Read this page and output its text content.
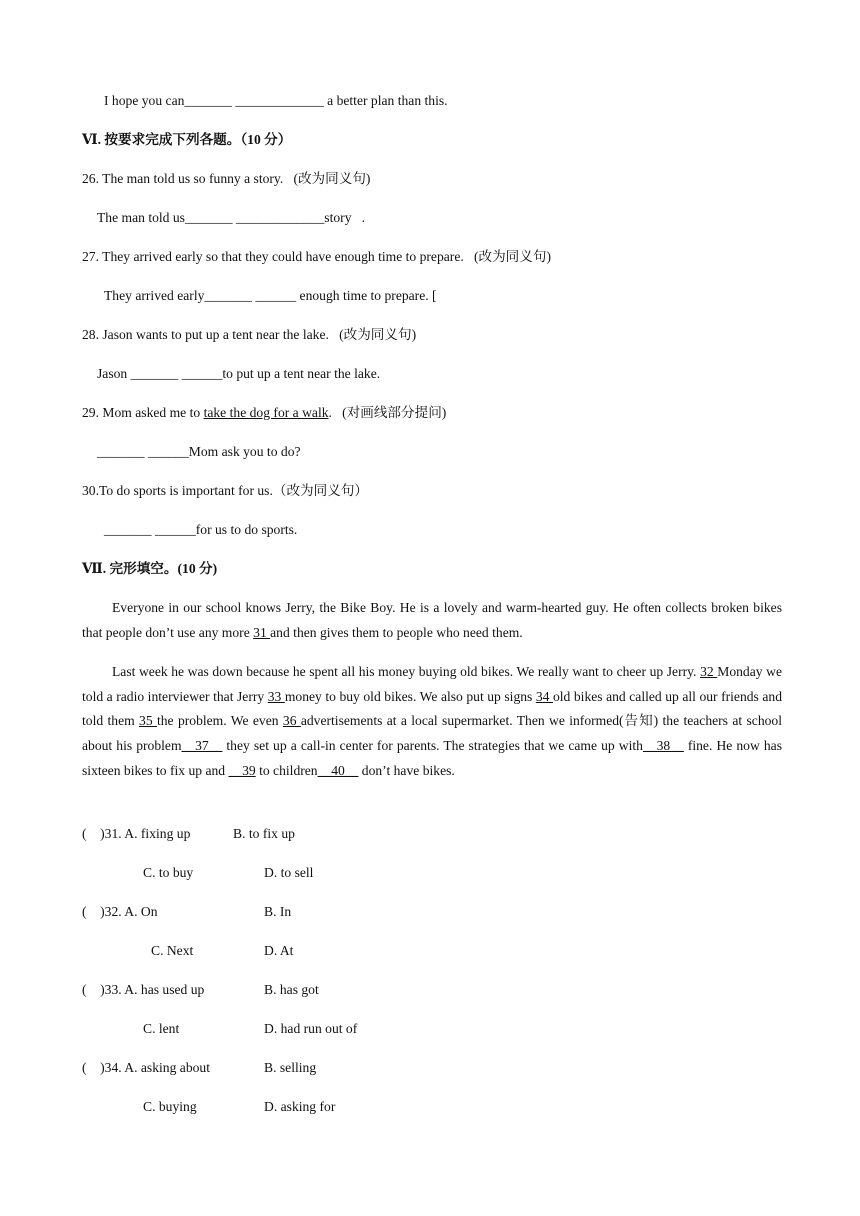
I hope you can_______ _____________ a better plan than this.
Ⅵ. 按要求完成下列各题。（10 分）
26. The man told us so funny a story.   (改为同义句)
The man told us_______ _____________story   .
27. They arrived early so that they could have enough time to prepare.   (改为同义句)
They arrived early_______ ______ enough time to prepare. [
28. Jason wants to put up a tent near the lake.   (改为同义句)
Jason _______ ______to put up a tent near the lake.
29. Mom asked me to take the dog for a walk.   (对画线部分提问)
_______ ______Mom ask you to do?
30.To do sports is important for us.（改为同义句）
_______ ______for us to do sports.
Ⅶ. 完形填空。(10 分)
Everyone in our school knows Jerry, the Bike Boy. He is a lovely and warm-hearted guy. He often collects broken bikes that people don’t use any more 31 and then gives them to people who need them.
Last week he was down because he spent all his money buying old bikes. We really want to cheer up Jerry. 32 Monday we told a radio interviewer that Jerry 33 money to buy old bikes. We also put up signs 34 old bikes and called up all our friends and told them 35 the problem. We even 36 advertisements at a local supermarket. Then we informed(告知) the teachers at school about his problem__37__ they set up a call-in center for parents. The strategies that we came up with__38__ fine. He now has sixteen bikes to fix up and __39 to children__40__ don’t have bikes.
(    )31. A. fixing up	B. to fix up
C. to buy	D. to sell
(    )32. A. On	B. In
C. Next	D. At
(    )33. A. has used up	B. has got
C. lent	D. had run out of
(    )34. A. asking about	B. selling
C. buying	D. asking for
